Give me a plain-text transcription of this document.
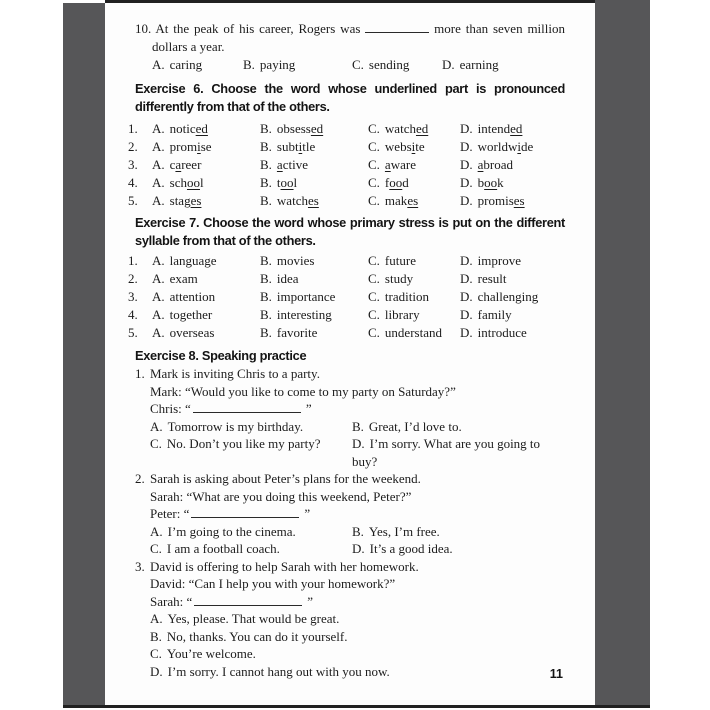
10. At the peak of his career, Rogers was	more than seven million
dollars a year.
A. caring	B. paying	C. sending	D. earning
Exercise 6. Choose the word whose underlined part is pronounced
differently from that of the others.
1.	A. noticed	B. obsessed	C. watched	D. intended
2.	A. promise	B. subtitle	C. website	D. worldwide
3.	A. career	B. active	C. aware	D. abroad
4.	A. school	B. tool	C. food	D. book
5.	A. stages	B. watches	C. makes	D. promises
Exercise 7. Choose the word whose primary stress is put on the different
syllable from that of the others.
1.	A. language	B. movies	C. future	D. improve
2.	A. exam	B. idea	C. study	D. result
3.	A. attention	B. importance	C. tradition	D. challenging
4.	A. together	B. interesting	C. library	D. family
5.	A. overseas	B. favorite	C. understand	D. introduce
Exercise 8. Speaking practice
1. Mark is inviting Chris to a party.
Mark: “Would you like to come to my party on Saturday?”
Chris: “	”
A. Tomorrow is my birthday.	B. Great, I’d love to.
C. No. Don’t you like my party?	D. I’m sorry. What are you going to buy?
2. Sarah is asking about Peter’s plans for the weekend.
Sarah: “What are you doing this weekend, Peter?”
Peter: “	”
A. I’m going to the cinema.	B. Yes, I’m free.
C. I am a football coach.	D. It’s a good idea.
3. David is offering to help Sarah with her homework.
David: “Can I help you with your homework?”
Sarah: “	”
A. Yes, please. That would be great.
B. No, thanks. You can do it yourself.
C. You’re welcome.
D. I’m sorry. I cannot hang out with you now.	11
